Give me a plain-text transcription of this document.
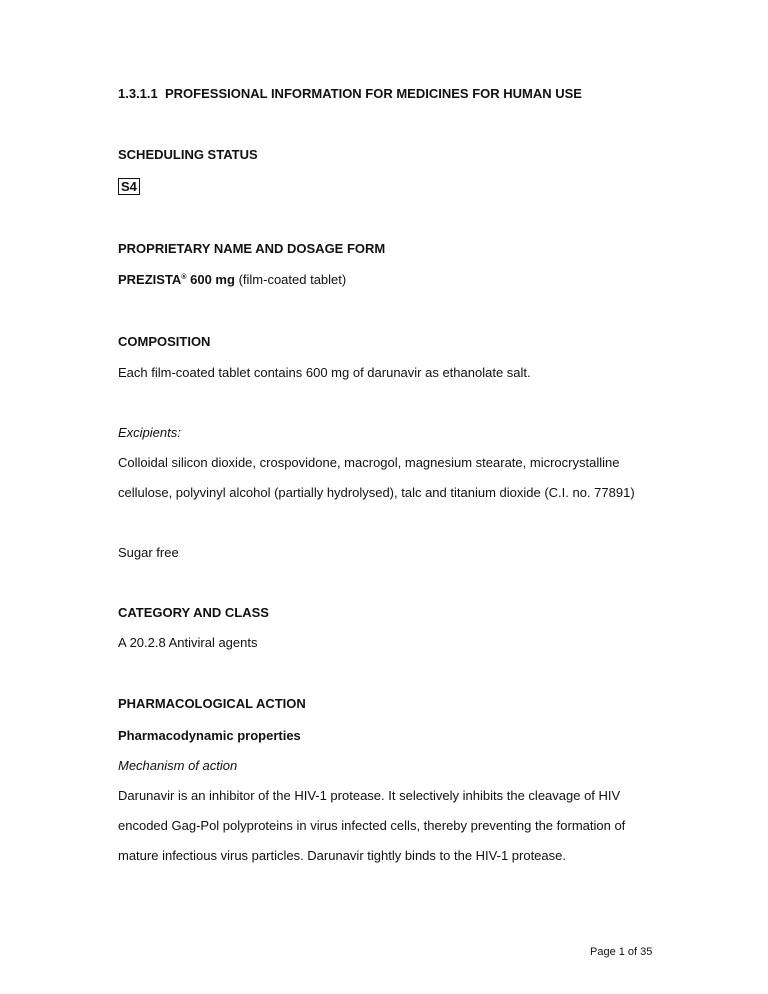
1.3.1.1 PROFESSIONAL INFORMATION FOR MEDICINES FOR HUMAN USE
SCHEDULING STATUS
S4
PROPRIETARY NAME AND DOSAGE FORM
PREZISTA® 600 mg (film-coated tablet)
COMPOSITION
Each film-coated tablet contains 600 mg of darunavir as ethanolate salt.
Excipients:
Colloidal silicon dioxide, crospovidone, macrogol, magnesium stearate, microcrystalline
cellulose, polyvinyl alcohol (partially hydrolysed), talc and titanium dioxide (C.I. no. 77891)
Sugar free
CATEGORY AND CLASS
A 20.2.8 Antiviral agents
PHARMACOLOGICAL ACTION
Pharmacodynamic properties
Mechanism of action
Darunavir is an inhibitor of the HIV-1 protease. It selectively inhibits the cleavage of HIV
encoded Gag-Pol polyproteins in virus infected cells, thereby preventing the formation of
mature infectious virus particles. Darunavir tightly binds to the HIV-1 protease.
Page 1 of 35
